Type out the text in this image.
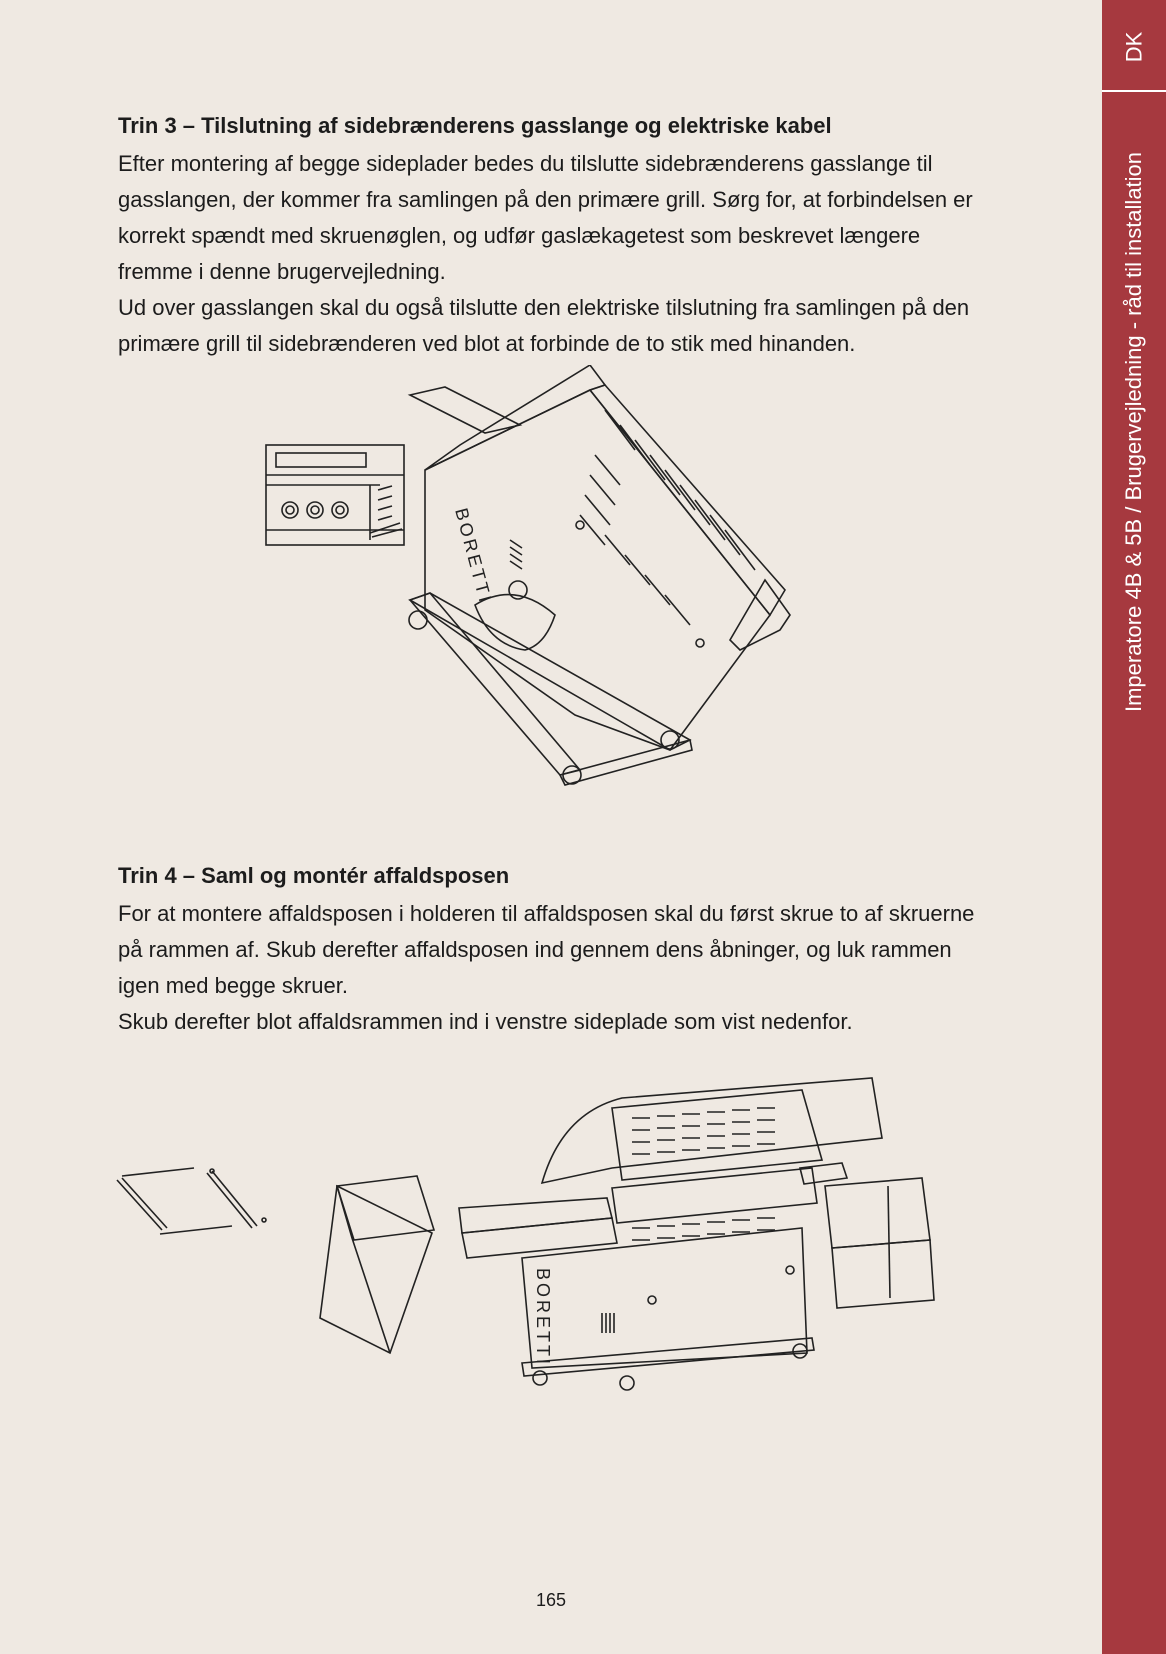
DK
Imperatore 4B & 5B / Brugervejledning - råd til installation
Trin 3 – Tilslutning af sidebrænderens gasslange og elektriske kabel

Efter montering af begge sideplader bedes du tilslutte sidebrænderens gasslange til gasslangen, der kommer fra samlingen på den primære grill. Sørg for, at forbindelsen er korrekt spændt med skruenøglen, og udfør gaslækagetest som beskrevet længere fremme i denne brugervejledning.

Ud over gasslangen skal du også tilslutte den elektriske tilslutning fra samlingen på den primære grill til sidebrænderen ved blot at forbinde de to stik med hinanden.

BORETTI
Trin 4 – Saml og montér affaldsposen

For at montere affaldsposen i holderen til affaldsposen skal du først skrue to af skruerne på rammen af. Skub derefter affaldsposen ind gennem dens åbninger, og luk rammen igen med begge skruer.

Skub derefter blot affaldsrammen ind i venstre sideplade som vist nedenfor.

BORETTI
165
